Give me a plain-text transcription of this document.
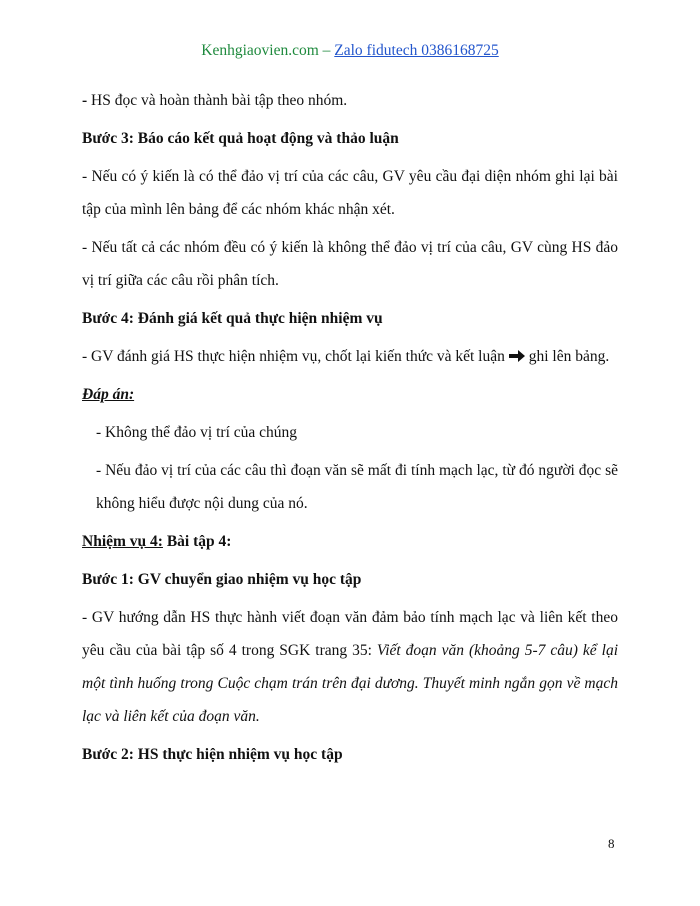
Kenhgiaovien.com – Zalo fidutech 0386168725

- HS đọc và hoàn thành bài tập theo nhóm.

Bước 3: Báo cáo kết quả hoạt động và thảo luận

- Nếu có ý kiến là có thể đảo vị trí của các câu, GV yêu cầu đại diện nhóm ghi lại bài tập của mình lên bảng để các nhóm khác nhận xét.

- Nếu tất cả các nhóm đều có ý kiến là không thể đảo vị trí của câu, GV cùng HS đảo vị trí giữa các câu rồi phân tích.

Bước 4: Đánh giá kết quả thực hiện nhiệm vụ

- GV đánh giá HS thực hiện nhiệm vụ, chốt lại kiến thức và kết luận ghi lên bảng.

Đáp án:

- Không thể đảo vị trí của chúng

- Nếu đảo vị trí của các câu thì đoạn văn sẽ mất đi tính mạch lạc, từ đó người đọc sẽ không hiểu được nội dung của nó.

Nhiệm vụ 4: Bài tập 4:

Bước 1: GV chuyển giao nhiệm vụ học tập

- GV hướng dẫn HS thực hành viết đoạn văn đảm bảo tính mạch lạc và liên kết theo yêu cầu của bài tập số 4 trong SGK trang 35: Viết đoạn văn (khoảng 5-7 câu) kể lại một tình huống trong Cuộc chạm trán trên đại dương. Thuyết minh ngắn gọn về mạch lạc và liên kết của đoạn văn.

Bước 2: HS thực hiện nhiệm vụ học tập

8
